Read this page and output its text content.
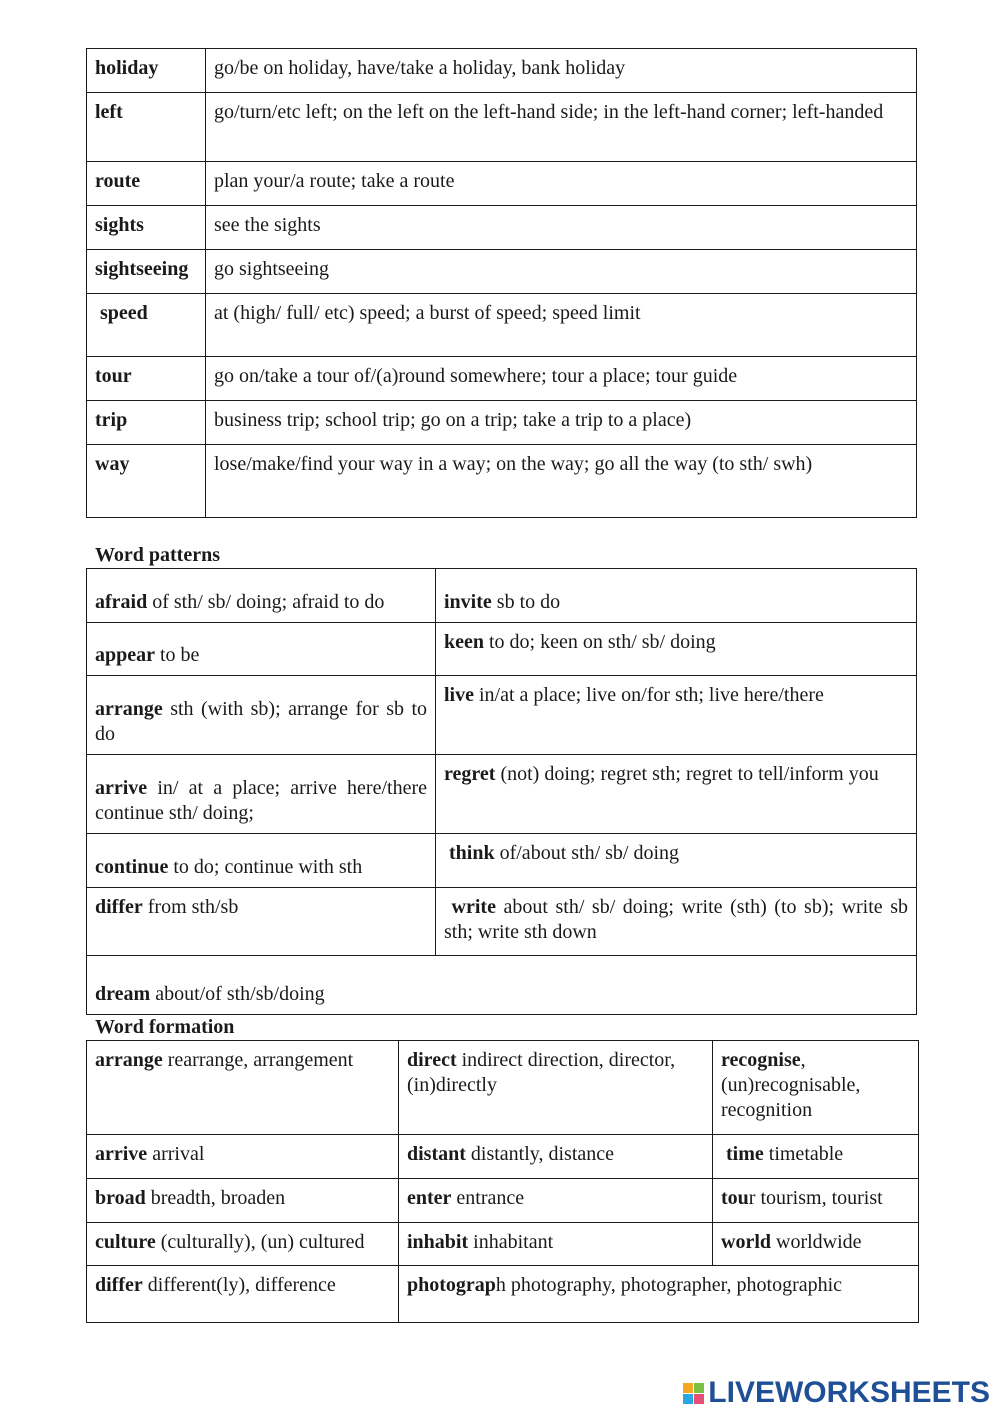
holiday	go/be on holiday, have/take a holiday, bank holiday
left	go/turn/etc left; on the left on the left-hand side; in the left-hand corner; left-handed
route	plan your/a route; take a route
sights	see the sights
sightseeing	go sightseeing
speed	at (high/ full/ etc) speed; a burst of speed; speed limit
tour	go on/take a tour of/(a)round somewhere; tour a place; tour guide
trip	business trip; school trip; go on a trip; take a trip to a place)
way	lose/make/find your way in a way; on the way; go all the way (to sth/ swh)
Word patterns
afraid of sth/ sb/ doing; afraid to do	invite sb to do
appear to be	keen to do; keen on sth/ sb/ doing
arrange sth (with sb); arrange for sb to do	live in/at a place; live on/for sth; live here/there
arrive in/ at a place; arrive here/there continue sth/ doing;	regret (not) doing; regret sth; regret to tell/inform you
continue to do; continue with sth	think of/about sth/ sb/ doing
differ from sth/sb	write about sth/ sb/ doing; write (sth) (to sb); write sb sth; write sth down
dream about/of sth/sb/doing	
Word formation
arrange rearrange, arrangement	direct indirect direction, director, (in)directly	recognise, (un)recognisable, recognition
arrive arrival	distant distantly, distance	time timetable
broad breadth, broaden	enter entrance	tour tourism, tourist
culture (culturally), (un) cultured	inhabit inhabitant	world worldwide
differ different(ly), difference	photograph photography, photographer, photographic	
LIVEWORKSHEETS
